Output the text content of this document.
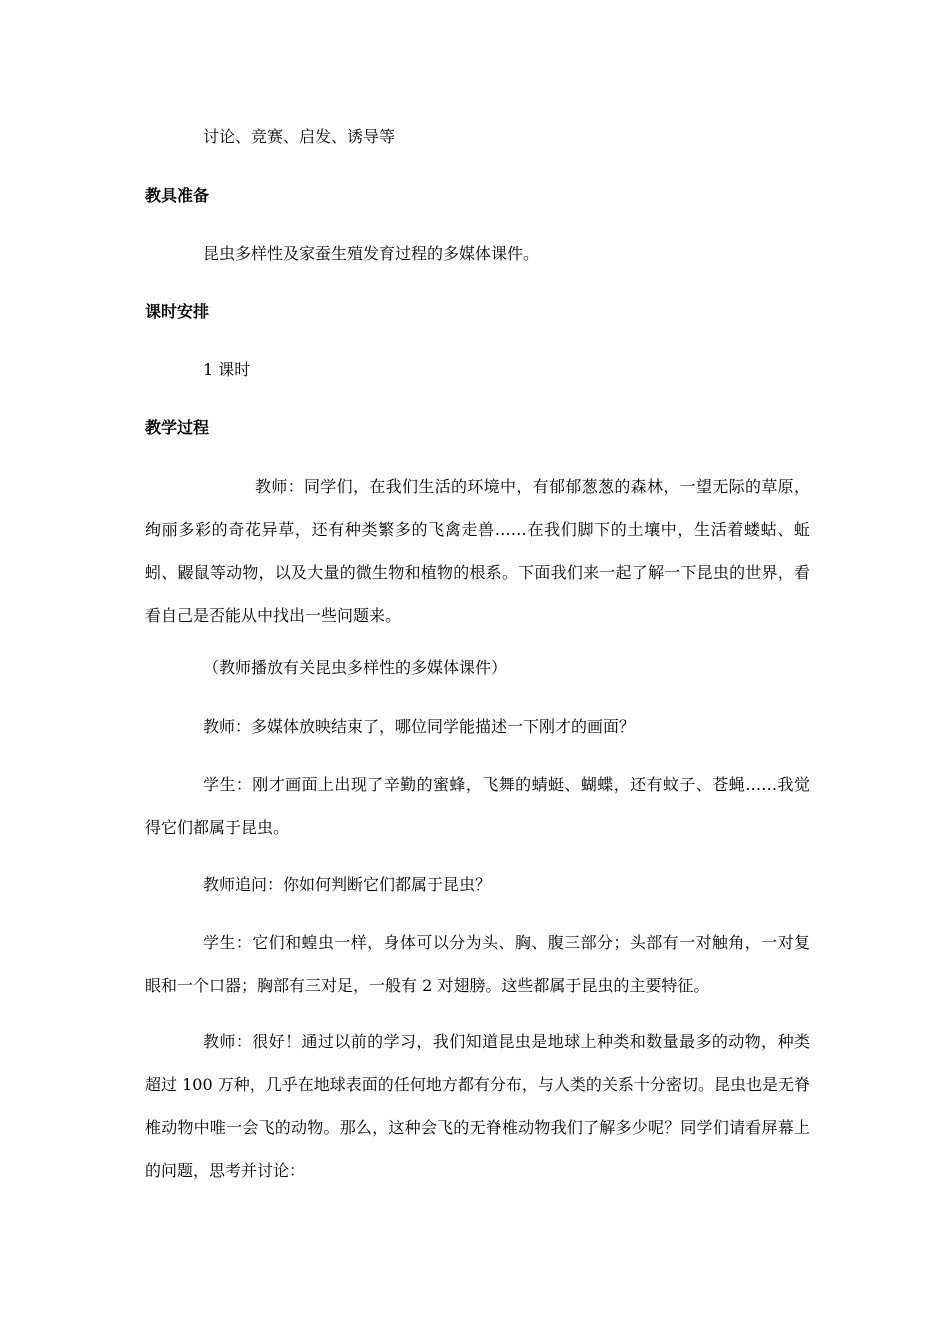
讨论、竞赛、启发、诱导等
教具准备
昆虫多样性及家蚕生殖发育过程的多媒体课件。
课时安排
1 课时
教学过程
教师：同学们，在我们生活的环境中，有郁郁葱葱的森林，一望无际的草原，绚丽多彩的奇花异草，还有种类繁多的飞禽走兽……在我们脚下的土壤中，生活着蝼蛄、蚯蚓、鼹鼠等动物，以及大量的微生物和植物的根系。下面我们来一起了解一下昆虫的世界，看看自己是否能从中找出一些问题来。
（教师播放有关昆虫多样性的多媒体课件）
教师：多媒体放映结束了，哪位同学能描述一下刚才的画面？
学生：刚才画面上出现了辛勤的蜜蜂，飞舞的蜻蜓、蝴蝶，还有蚊子、苍蝇……我觉得它们都属于昆虫。
教师追问：你如何判断它们都属于昆虫？
学生：它们和蝗虫一样，身体可以分为头、胸、腹三部分；头部有一对触角，一对复眼和一个口器；胸部有三对足，一般有 2 对翅膀。这些都属于昆虫的主要特征。
教师：很好！通过以前的学习，我们知道昆虫是地球上种类和数量最多的动物，种类超过 100 万种，几乎在地球表面的任何地方都有分布，与人类的关系十分密切。昆虫也是无脊椎动物中唯一会飞的动物。那么，这种会飞的无脊椎动物我们了解多少呢？同学们请看屏幕上的问题，思考并讨论：
